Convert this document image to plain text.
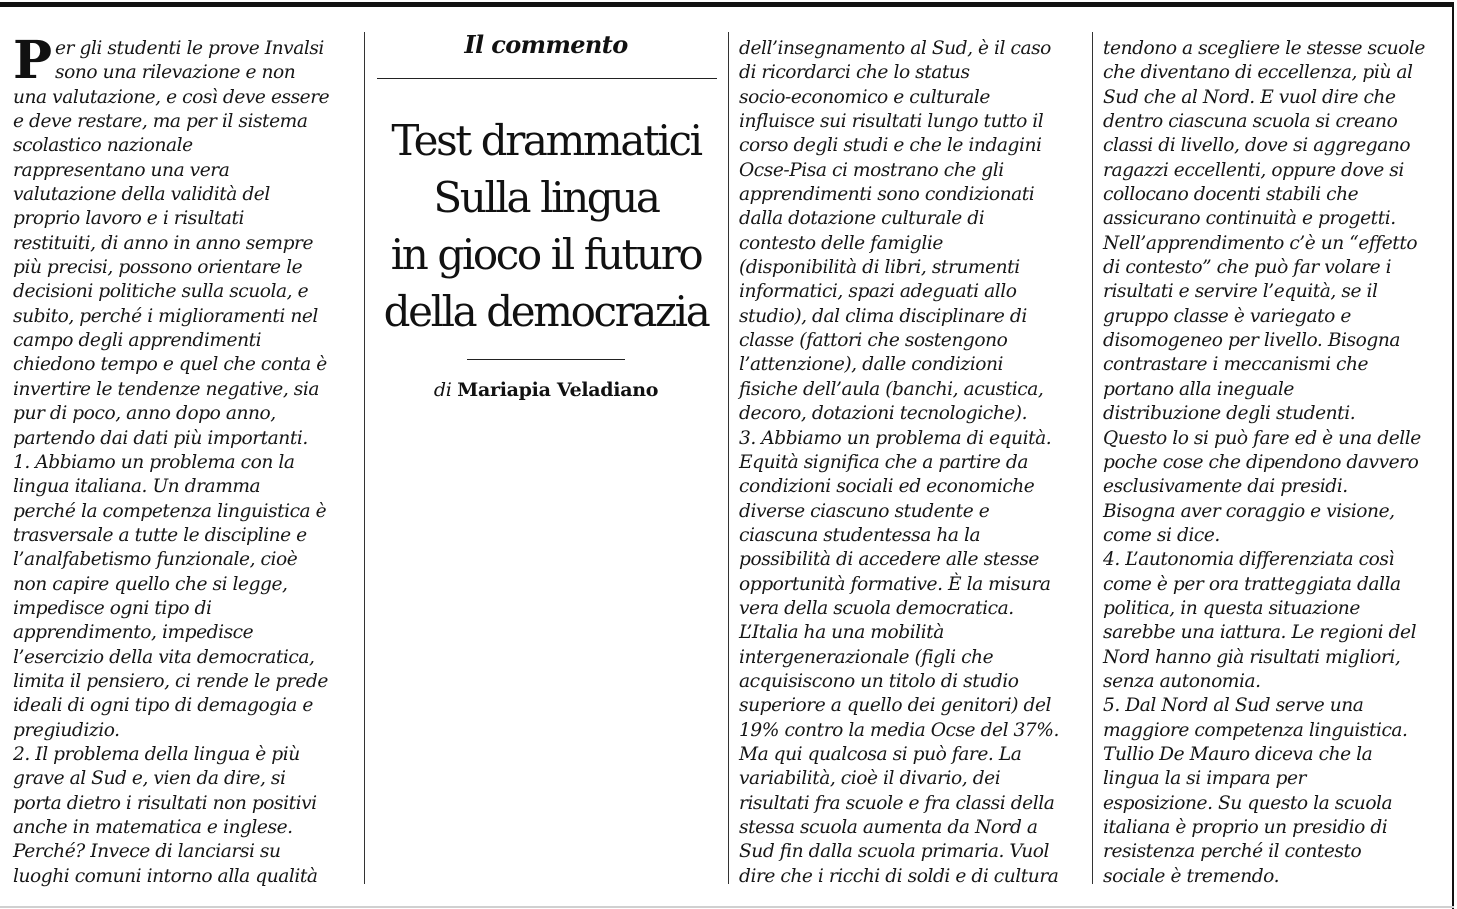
P er gli studenti le prove Invalsi
sono una rilevazione e non
una valutazione, e così deve essere
e deve restare, ma per il sistema
scolastico nazionale
rappresentano una vera
valutazione della validità del
proprio lavoro e i risultati
restituiti, di anno in anno sempre
più precisi, possono orientare le
decisioni politiche sulla scuola, e
subito, perché i miglioramenti nel
campo degli apprendimenti
chiedono tempo e quel che conta è
invertire le tendenze negative, sia
pur di poco, anno dopo anno,
partendo dai dati più importanti.
1. Abbiamo un problema con la
lingua italiana. Un dramma
perché la competenza linguistica è
trasversale a tutte le discipline e
l’analfabetismo funzionale, cioè
non capire quello che si legge,
impedisce ogni tipo di
apprendimento, impedisce
l’esercizio della vita democratica,
limita il pensiero, ci rende le prede
ideali di ogni tipo di demagogia e
pregiudizio.
2. Il problema della lingua è più
grave al Sud e, vien da dire, si
porta dietro i risultati non positivi
anche in matematica e inglese.
Perché? Invece di lanciarsi su
luoghi comuni intorno alla qualità
Il commento
Test drammatici
Sulla lingua
in gioco il futuro
della democrazia
di Mariapia Veladiano
dell’insegnamento al Sud, è il caso
di ricordarci che lo status
socio-economico e culturale
influisce sui risultati lungo tutto il
corso degli studi e che le indagini
Ocse-Pisa ci mostrano che gli
apprendimenti sono condizionati
dalla dotazione culturale di
contesto delle famiglie
(disponibilità di libri, strumenti
informatici, spazi adeguati allo
studio), dal clima disciplinare di
classe (fattori che sostengono
l’attenzione), dalle condizioni
fisiche dell’aula (banchi, acustica,
decoro, dotazioni tecnologiche).
3. Abbiamo un problema di equità.
Equità significa che a partire da
condizioni sociali ed economiche
diverse ciascuno studente e
ciascuna studentessa ha la
possibilità di accedere alle stesse
opportunità formative. È la misura
vera della scuola democratica.
L’Italia ha una mobilità
intergenerazionale (figli che
acquisiscono un titolo di studio
superiore a quello dei genitori) del
19% contro la media Ocse del 37%.
Ma qui qualcosa si può fare. La
variabilità, cioè il divario, dei
risultati fra scuole e fra classi della
stessa scuola aumenta da Nord a
Sud fin dalla scuola primaria. Vuol
dire che i ricchi di soldi e di cultura
tendono a scegliere le stesse scuole
che diventano di eccellenza, più al
Sud che al Nord. E vuol dire che
dentro ciascuna scuola si creano
classi di livello, dove si aggregano
ragazzi eccellenti, oppure dove si
collocano docenti stabili che
assicurano continuità e progetti.
Nell’apprendimento c’è un “effetto
di contesto” che può far volare i
risultati e servire l’equità, se il
gruppo classe è variegato e
disomogeneo per livello. Bisogna
contrastare i meccanismi che
portano alla ineguale
distribuzione degli studenti.
Questo lo si può fare ed è una delle
poche cose che dipendono davvero
esclusivamente dai presidi.
Bisogna aver coraggio e visione,
come si dice.
4. L’autonomia differenziata così
come è per ora tratteggiata dalla
politica, in questa situazione
sarebbe una iattura. Le regioni del
Nord hanno già risultati migliori,
senza autonomia.
5. Dal Nord al Sud serve una
maggiore competenza linguistica.
Tullio De Mauro diceva che la
lingua la si impara per
esposizione. Su questo la scuola
italiana è proprio un presidio di
resistenza perché il contesto
sociale è tremendo.
